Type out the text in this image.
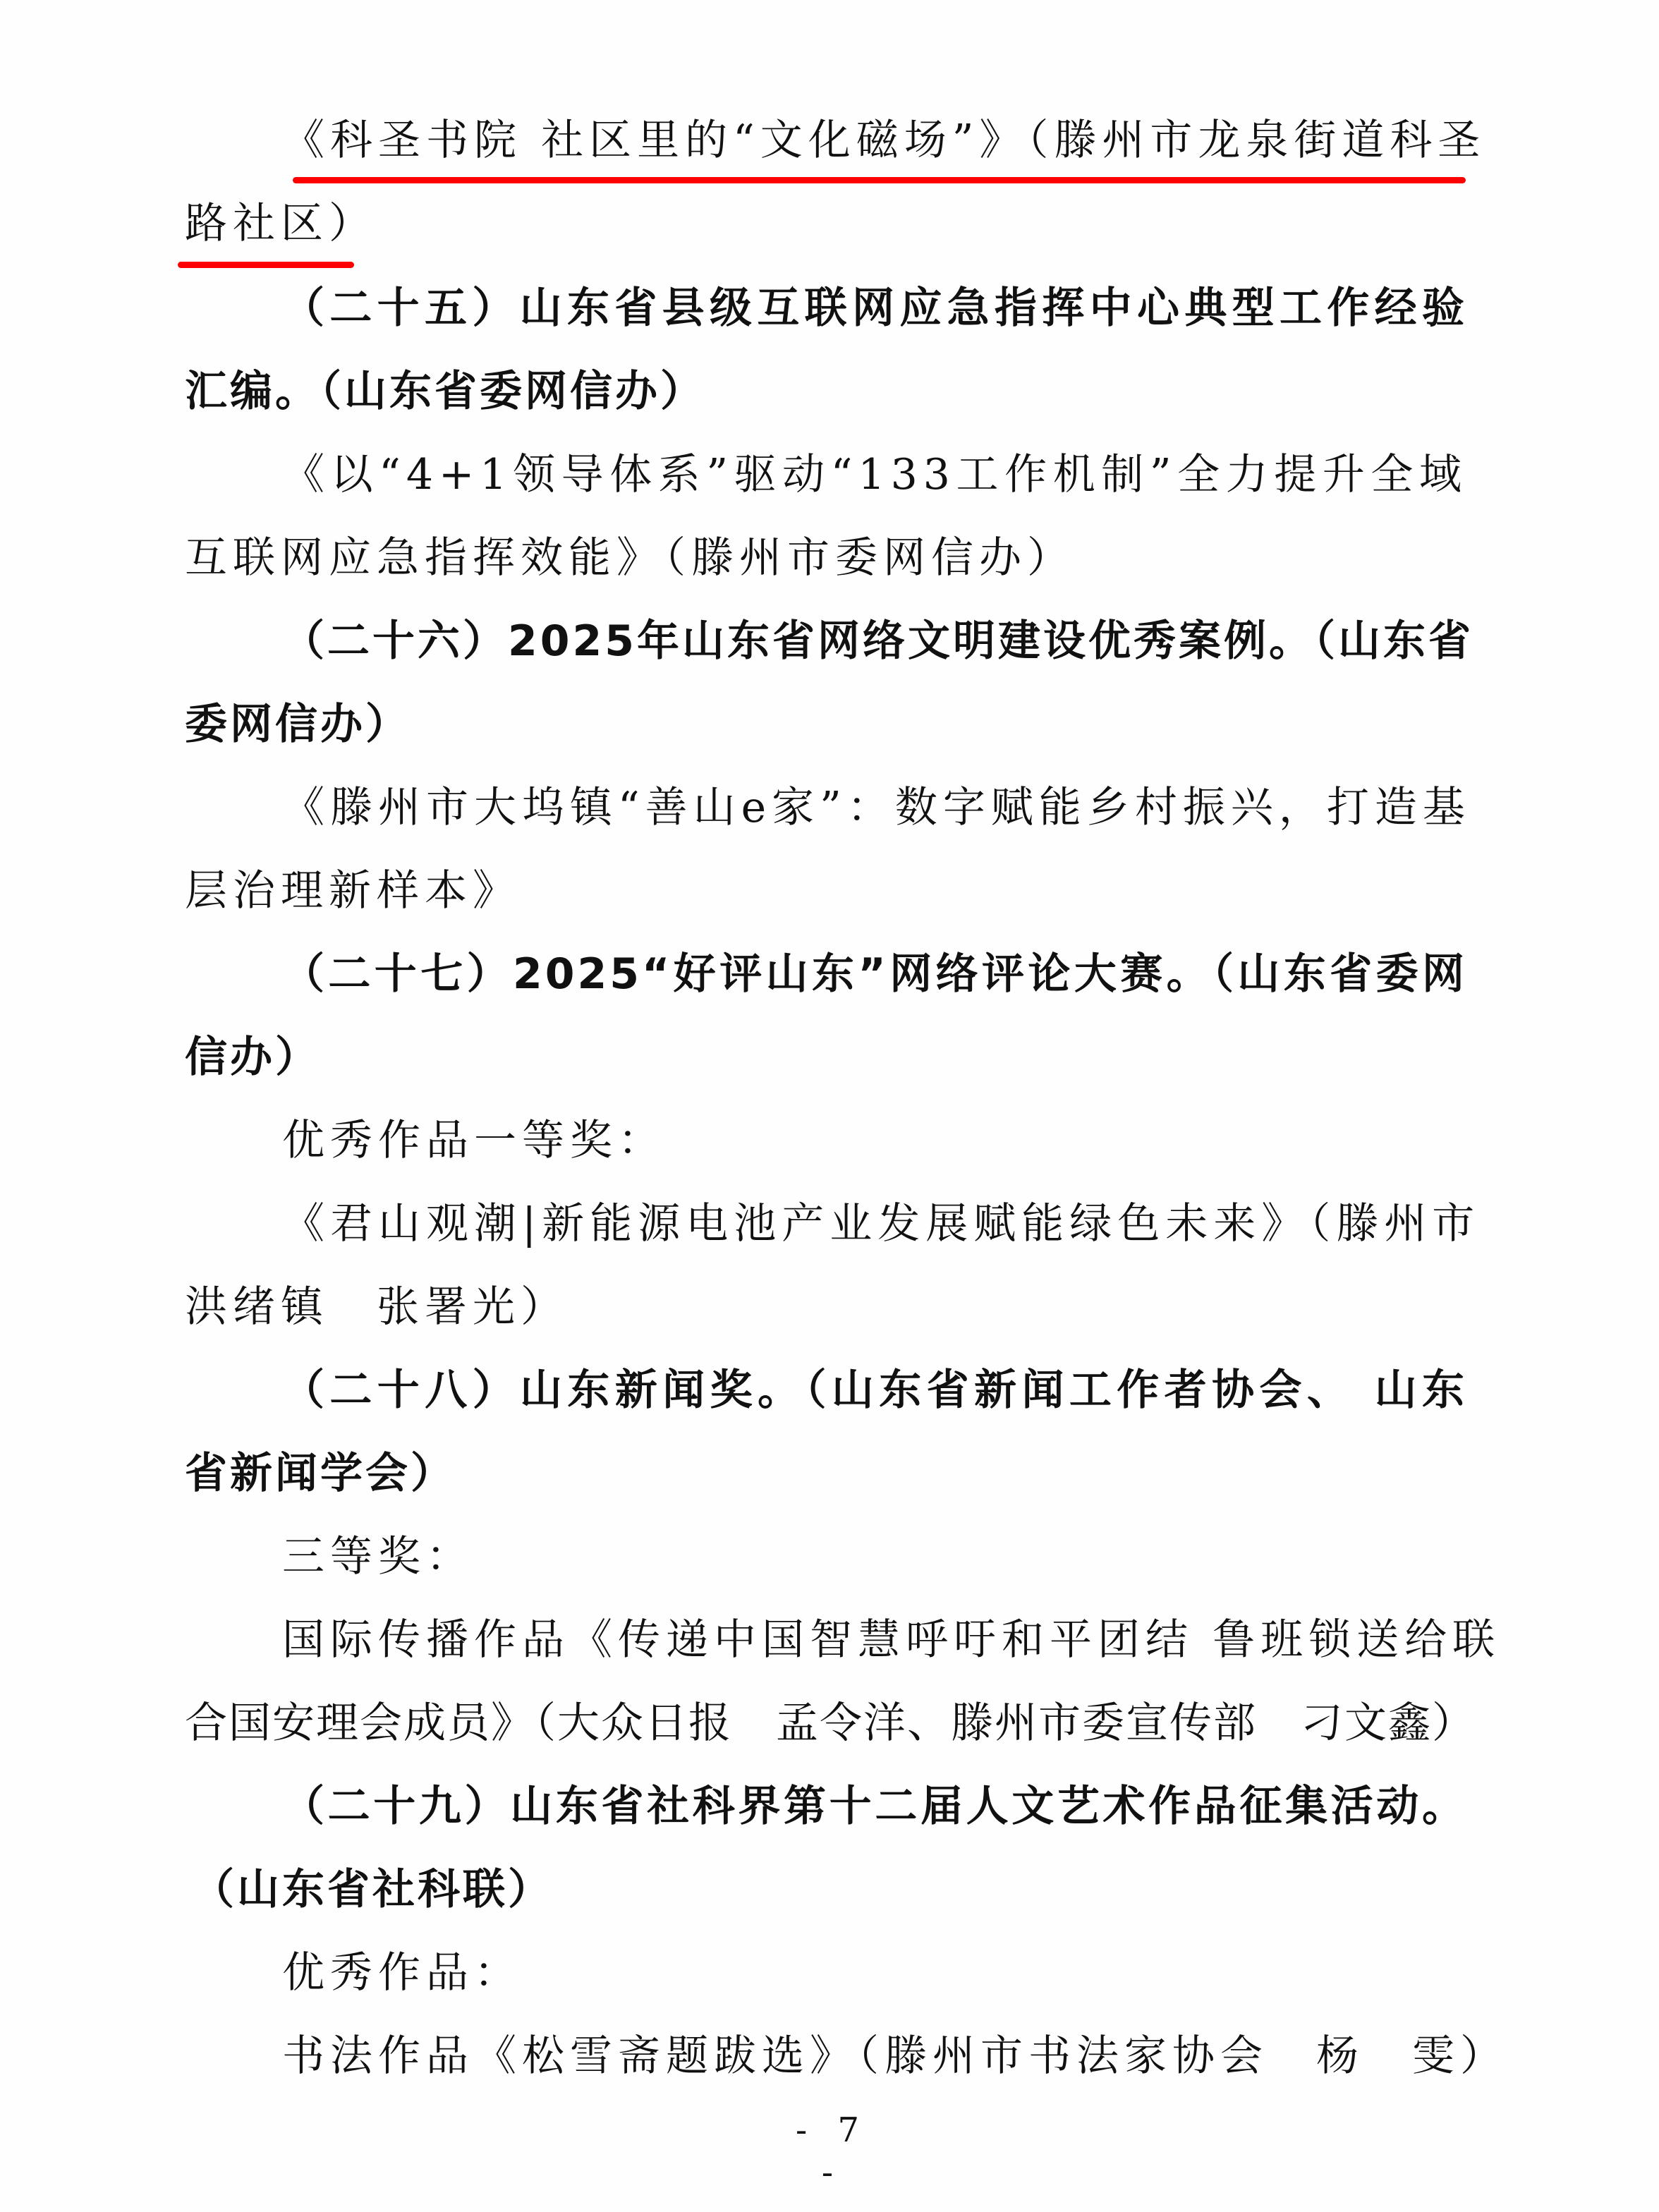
《科圣书院 社区里的“文化磁场”》（滕州市龙泉街道科圣
路社区）
（二十五）山东省县级互联网应急指挥中心典型工作经验
汇编。（山东省委网信办）
《以“4+1领导体系”驱动“133工作机制”全力提升全域
互联网应急指挥效能》（滕州市委网信办）
（二十六）2025年山东省网络文明建设优秀案例。（山东省
委网信办）
《滕州市大坞镇“善山e家”：数字赋能乡村振兴，打造基
层治理新样本》
（二十七）2025“好评山东”网络评论大赛。（山东省委网
信办）
优秀作品一等奖：
《君山观潮|新能源电池产业发展赋能绿色未来》（滕州市
洪绪镇　张署光）
（二十八）山东新闻奖。（山东省新闻工作者协会、 山东
省新闻学会）
三等奖：
国际传播作品《传递中国智慧呼吁和平团结 鲁班锁送给联
合国安理会成员》（大众日报　孟令洋、滕州市委宣传部　刁文鑫）
（二十九）山东省社科界第十二届人文艺术作品征集活动。
（山东省社科联）
优秀作品：
书法作品《松雪斋题跋选》（滕州市书法家协会　杨　雯）
- 7 -
